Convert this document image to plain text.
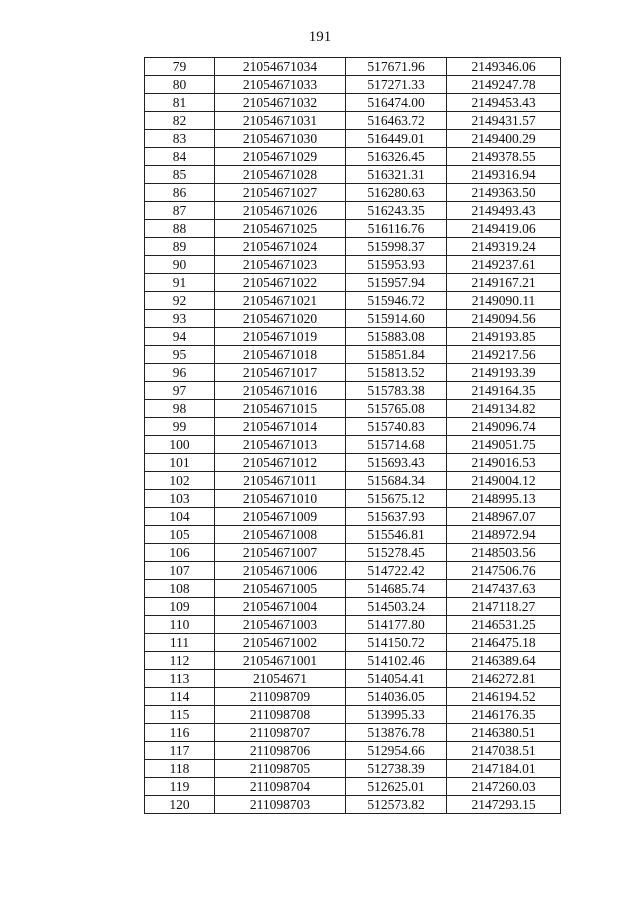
191
79	21054671034	517671.96	2149346.06
80	21054671033	517271.33	2149247.78
81	21054671032	516474.00	2149453.43
82	21054671031	516463.72	2149431.57
83	21054671030	516449.01	2149400.29
84	21054671029	516326.45	2149378.55
85	21054671028	516321.31	2149316.94
86	21054671027	516280.63	2149363.50
87	21054671026	516243.35	2149493.43
88	21054671025	516116.76	2149419.06
89	21054671024	515998.37	2149319.24
90	21054671023	515953.93	2149237.61
91	21054671022	515957.94	2149167.21
92	21054671021	515946.72	2149090.11
93	21054671020	515914.60	2149094.56
94	21054671019	515883.08	2149193.85
95	21054671018	515851.84	2149217.56
96	21054671017	515813.52	2149193.39
97	21054671016	515783.38	2149164.35
98	21054671015	515765.08	2149134.82
99	21054671014	515740.83	2149096.74
100	21054671013	515714.68	2149051.75
101	21054671012	515693.43	2149016.53
102	21054671011	515684.34	2149004.12
103	21054671010	515675.12	2148995.13
104	21054671009	515637.93	2148967.07
105	21054671008	515546.81	2148972.94
106	21054671007	515278.45	2148503.56
107	21054671006	514722.42	2147506.76
108	21054671005	514685.74	2147437.63
109	21054671004	514503.24	2147118.27
110	21054671003	514177.80	2146531.25
111	21054671002	514150.72	2146475.18
112	21054671001	514102.46	2146389.64
113	21054671	514054.41	2146272.81
114	211098709	514036.05	2146194.52
115	211098708	513995.33	2146176.35
116	211098707	513876.78	2146380.51
117	211098706	512954.66	2147038.51
118	211098705	512738.39	2147184.01
119	211098704	512625.01	2147260.03
120	211098703	512573.82	2147293.15
